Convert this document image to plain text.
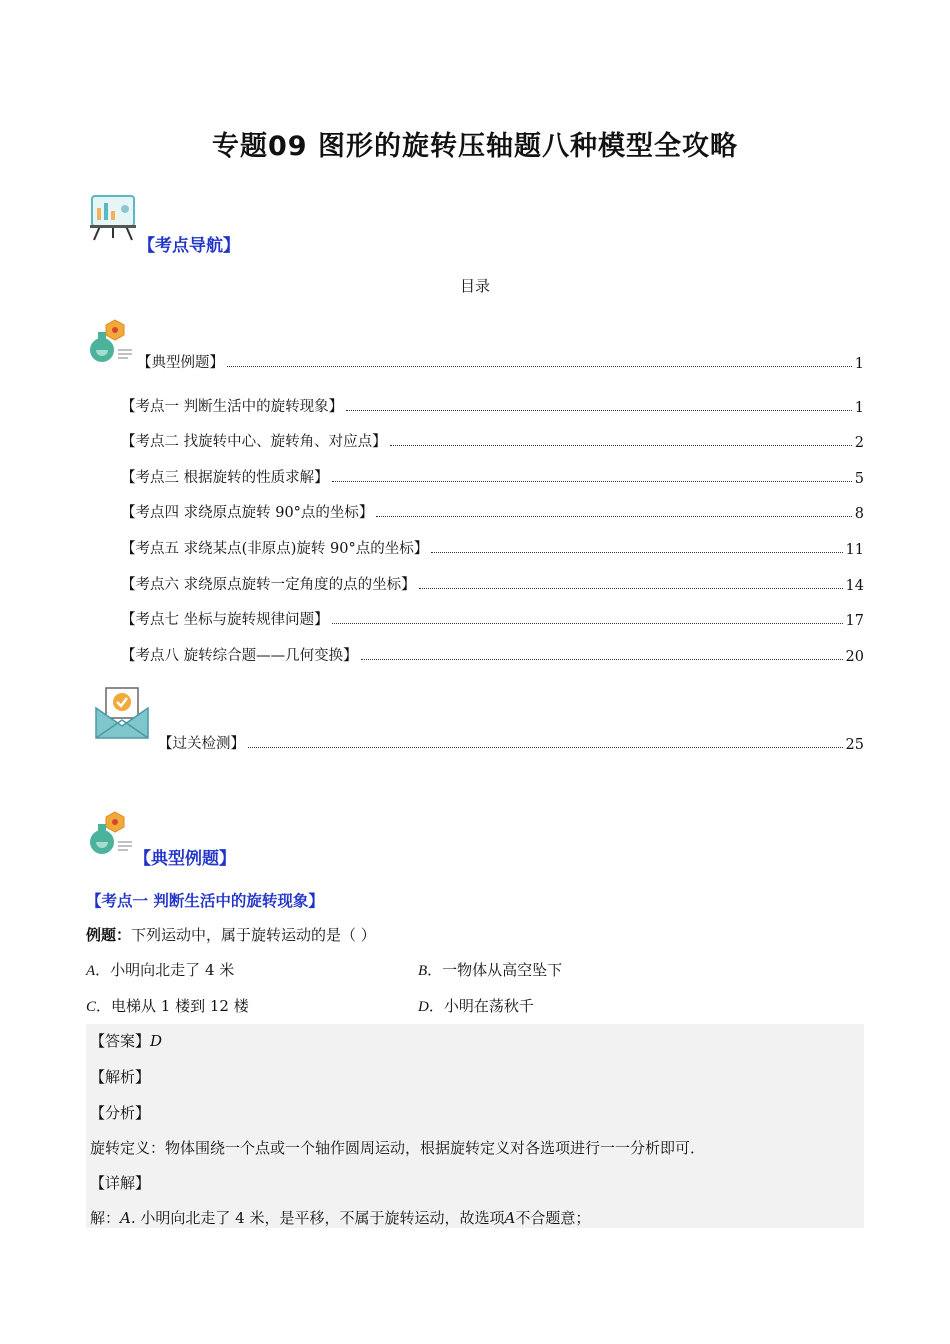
专题09 图形的旋转压轴题八种模型全攻略
【考点导航】
目录
【典型例题】	1
【考点一 判断生活中的旋转现象】	1
【考点二 找旋转中心、旋转角、对应点】	2
【考点三 根据旋转的性质求解】	5
【考点四 求绕原点旋转 90°点的坐标】	8
【考点五 求绕某点(非原点)旋转 90°点的坐标】	11
【考点六 求绕原点旋转一定角度的点的坐标】	14
【考点七 坐标与旋转规律问题】	17
【考点八 旋转综合题——几何变换】	20
【过关检测】	25
【典型例题】
【考点一 判断生活中的旋转现象】
例题：下列运动中，属于旋转运动的是（ ）
A．小明向北走了 4 米	B．一物体从高空坠下
C．电梯从 1 楼到 12 楼	D．小明在荡秋千
【答案】D
【解析】
【分析】
旋转定义：物体围绕一个点或一个轴作圆周运动，根据旋转定义对各选项进行一一分析即可．
【详解】
解：A. 小明向北走了 4 米，是平移，不属于旋转运动，故选项A不合题意；
